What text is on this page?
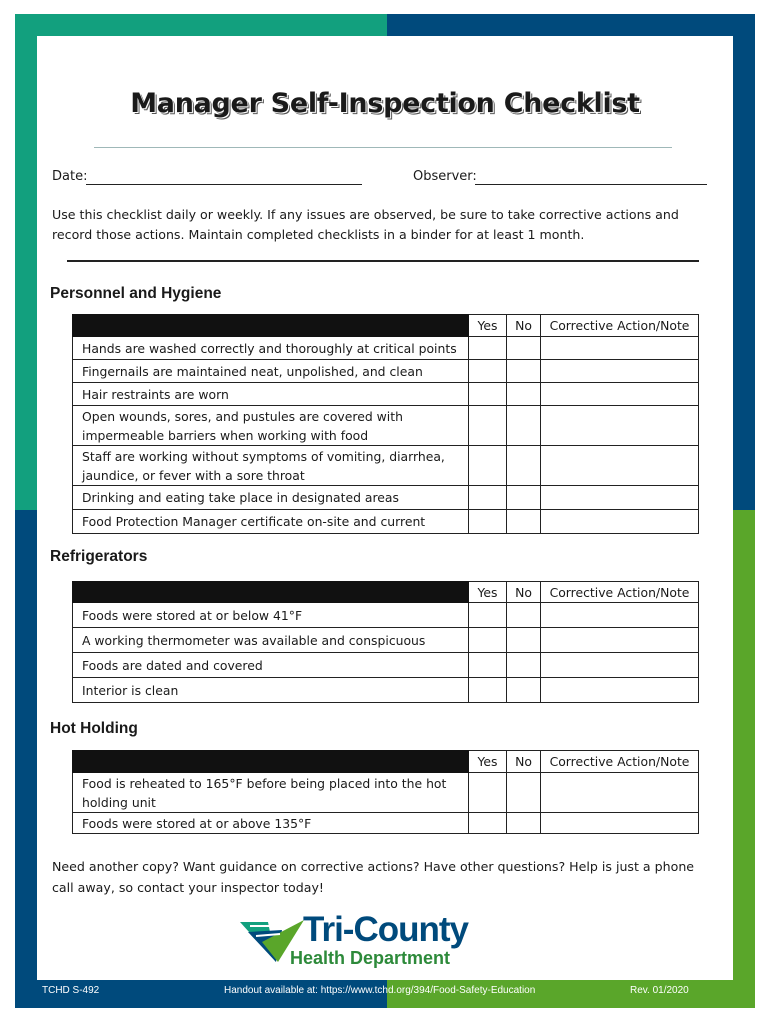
Manager Self-Inspection Checklist
Date:	Observer:
Use this checklist daily or weekly. If any issues are observed, be sure to take corrective actions and record those actions. Maintain completed checklists in a binder for at least 1 month.
Personnel and Hygiene
	Yes	No	Corrective Action/Note
Hands are washed correctly and thoroughly at critical points			
Fingernails are maintained neat, unpolished, and clean			
Hair restraints are worn			
Open wounds, sores, and pustules are covered with impermeable barriers when working with food			
Staff are working without symptoms of vomiting, diarrhea, jaundice, or fever with a sore throat			
Drinking and eating take place in designated areas			
Food Protection Manager certificate on-site and current			
Refrigerators
	Yes	No	Corrective Action/Note
Foods were stored at or below 41°F			
A working thermometer was available and conspicuous			
Foods are dated and covered			
Interior is clean			
Hot Holding
	Yes	No	Corrective Action/Note
Food is reheated to 165°F before being placed into the hot holding unit			
Foods were stored at or above 135°F			
Need another copy? Want guidance on corrective actions? Have other questions? Help is just a phone call away, so contact your inspector today!
Tri-County
Health Department
TCHD S-492	Handout available at: https://www.tchd.org/394/Food-Safety-Education	Rev. 01/2020
